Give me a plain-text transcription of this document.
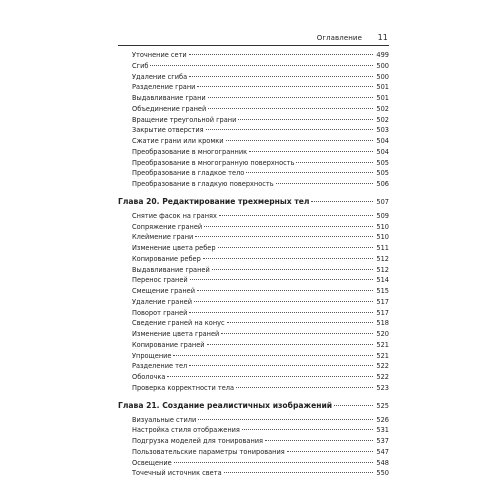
Оглавление 11
Уточнение сети	499
Сгиб	500
Удаление сгиба	500
Разделение грани	501
Выдавливание грани	501
Объединение граней	502
Вращение треугольной грани	502
Закрытие отверстия	503
Сжатие грани или кромки	504
Преобразование в многогранник	504
Преобразование в многогранную поверхность	505
Преобразование в гладкое тело	505
Преобразование в гладкую поверхность	506
Глава 20. Редактирование трехмерных тел	507
Снятие фасок на гранях	509
Сопряжение граней	510
Клеймение грани	510
Изменение цвета ребер	511
Копирование ребер	512
Выдавливание граней	512
Перенос граней	514
Смещение граней	515
Удаление граней	517
Поворот граней	517
Сведение граней на конус	518
Изменение цвета граней	520
Копирование граней	521
Упрощение	521
Разделение тел	522
Оболочка	522
Проверка корректности тела	523
Глава 21. Создание реалистичных изображений	525
Визуальные стили	526
Настройка стиля отображения	531
Подгрузка моделей для тонирования	537
Пользовательские параметры тонирования	547
Освещение	548
Точечный источник света	550
